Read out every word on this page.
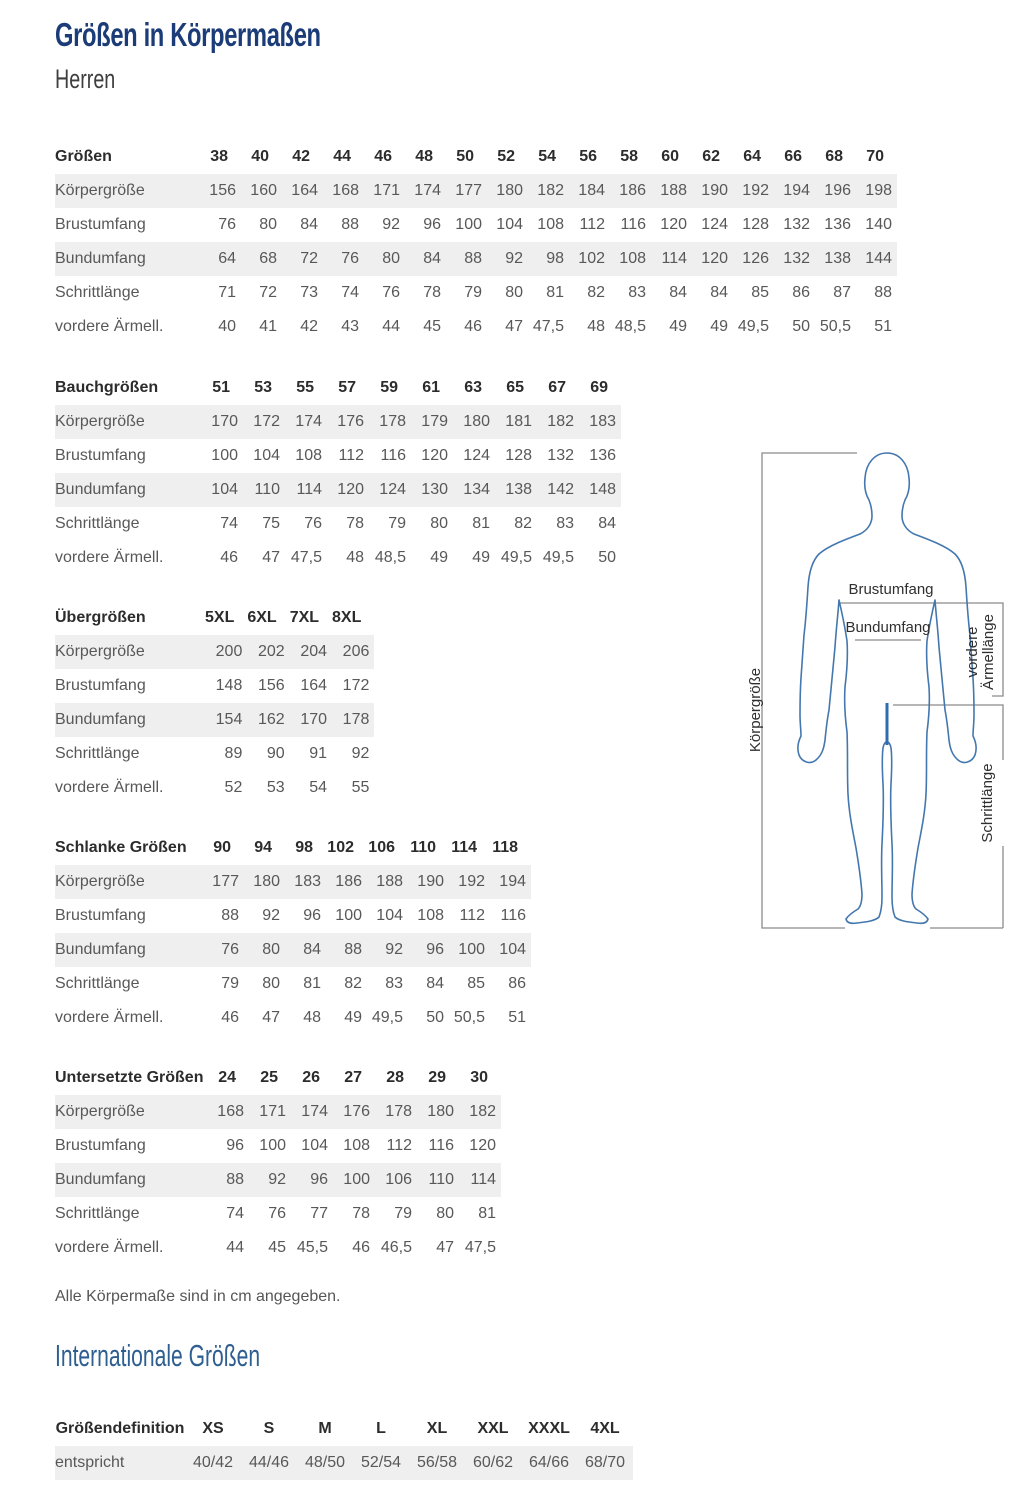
Größen in Körpermaßen
Herren
Größen	38	40	42	44	46	48	50	52	54	56	58	60	62	64	66	68	70
Körpergröße	156	160	164	168	171	174	177	180	182	184	186	188	190	192	194	196	198
Brustumfang	76	80	84	88	92	96	100	104	108	112	116	120	124	128	132	136	140
Bundumfang	64	68	72	76	80	84	88	92	98	102	108	114	120	126	132	138	144
Schrittlänge	71	72	73	74	76	78	79	80	81	82	83	84	84	85	86	87	88
vordere Ärmell.	40	41	42	43	44	45	46	47	47,5	48	48,5	49	49	49,5	50	50,5	51
Bauchgrößen	51	53	55	57	59	61	63	65	67	69
Körpergröße	170	172	174	176	178	179	180	181	182	183
Brustumfang	100	104	108	112	116	120	124	128	132	136
Bundumfang	104	110	114	120	124	130	134	138	142	148
Schrittlänge	74	75	76	78	79	80	81	82	83	84
vordere Ärmell.	46	47	47,5	48	48,5	49	49	49,5	49,5	50
Übergrößen	5XL	6XL	7XL	8XL
Körpergröße	200	202	204	206
Brustumfang	148	156	164	172
Bundumfang	154	162	170	178
Schrittlänge	89	90	91	92
vordere Ärmell.	52	53	54	55
Schlanke Größen	90	94	98	102	106	110	114	118
Körpergröße	177	180	183	186	188	190	192	194
Brustumfang	88	92	96	100	104	108	112	116
Bundumfang	76	80	84	88	92	96	100	104
Schrittlänge	79	80	81	82	83	84	85	86
vordere Ärmell.	46	47	48	49	49,5	50	50,5	51
Untersetzte Größen	24	25	26	27	28	29	30
Körpergröße	168	171	174	176	178	180	182
Brustumfang	96	100	104	108	112	116	120
Bundumfang	88	92	96	100	106	110	114
Schrittlänge	74	76	77	78	79	80	81
vordere Ärmell.	44	45	45,5	46	46,5	47	47,5
Alle Körpermaße sind in cm angegeben.
Internationale Größen
Größendefinition	XS	S	M	L	XL	XXL	XXXL	4XL
entspricht	40/42	44/46	48/50	52/54	56/58	60/62	64/66	68/70
Brustumfang
Bundumfang
Körpergröße
vordere Ärmellänge
Schrittlänge
